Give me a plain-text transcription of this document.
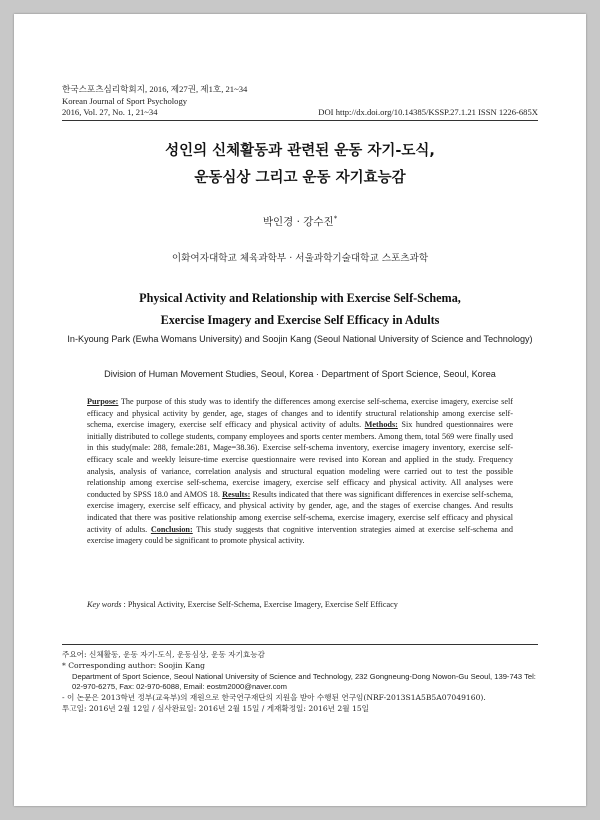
한국스포츠심리학회지, 2016, 제27권, 제1호, 21~34
Korean Journal of Sport Psychology
2016, Vol. 27, No. 1, 21~34	DOI http://dx.doi.org/10.14385/KSSP.27.1.21 ISSN 1226-685X
성인의 신체활동과 관련된 운동 자기-도식,
운동심상 그리고 운동 자기효능감
박인경 · 강수진*
이화여자대학교 체육과학부 · 서울과학기술대학교 스포츠과학
Physical Activity and Relationship with Exercise Self-Schema,
Exercise Imagery and Exercise Self Efficacy in Adults
In-Kyoung Park (Ewha Womans University) and Soojin Kang (Seoul National University of Science and Technology)
Division of Human Movement Studies, Seoul, Korea · Department of Sport Science, Seoul, Korea
Purpose: The purpose of this study was to identify the differences among exercise self-schema, exercise imagery, exercise self efficacy and physical activity by gender, age, stages of changes and to identify structural relationship among exercise self-schema, exercise imagery, exercise self efficacy and physical activity of adults. Methods: Six hundred questionnaires were initially distributed to college students, company employees and sports center members. Among them, total 569 were finally used in this study(male: 288, female:281, Mage=38.36). Exercise self-schema inventory, exercise imagery inventory, exercise self-efficacy scale and weekly leisure-time exercise questionnaire were revised into Korean and applied in the study. Frequency analysis, analysis of variance, correlation analysis and structural equation modeling were carried out to test the possible relationship among exercise self-schema, exercise imagery, exercise self efficacy and physical activity. All analyses were conducted by SPSS 18.0 and AMOS 18. Results: Results indicated that there was significant differences in exercise self-schema, exercise imagery, exercise self efficacy, and physical activity by gender, age, and the stages of exercise changes. And results indicated that there was positive relationship among exercise self-schema, exercise imagery, exercise self efficacy and physical activity of adults. Conclusion: This study suggests that cognitive intervention strategies aimed at exercise self-schema and exercise imagery could be significant to promote physical activity.
Key words : Physical Activity, Exercise Self-Schema, Exercise Imagery, Exercise Self Efficacy
주요어: 신체활동, 운동 자기-도식, 운동심상, 운동 자기효능감
* Corresponding author: Soojin Kang
Department of Sport Science, Seoul National University of Science and Technology, 232 Gongneung-Dong Nowon-Gu Seoul, 139-743 Tel: 02-970-6275, Fax: 02-970-6088, Email: eostm2000@naver.com
- 이 논문은 2013학년 정부(교육부)의 재원으로 한국연구재단의 지원을 받아 수행된 연구임(NRF-2013S1A5B5A07049160).
투고일: 2016년 2월 12일 / 심사완료일: 2016년 2월 15일 / 게재확정일: 2016년 2월 15일
